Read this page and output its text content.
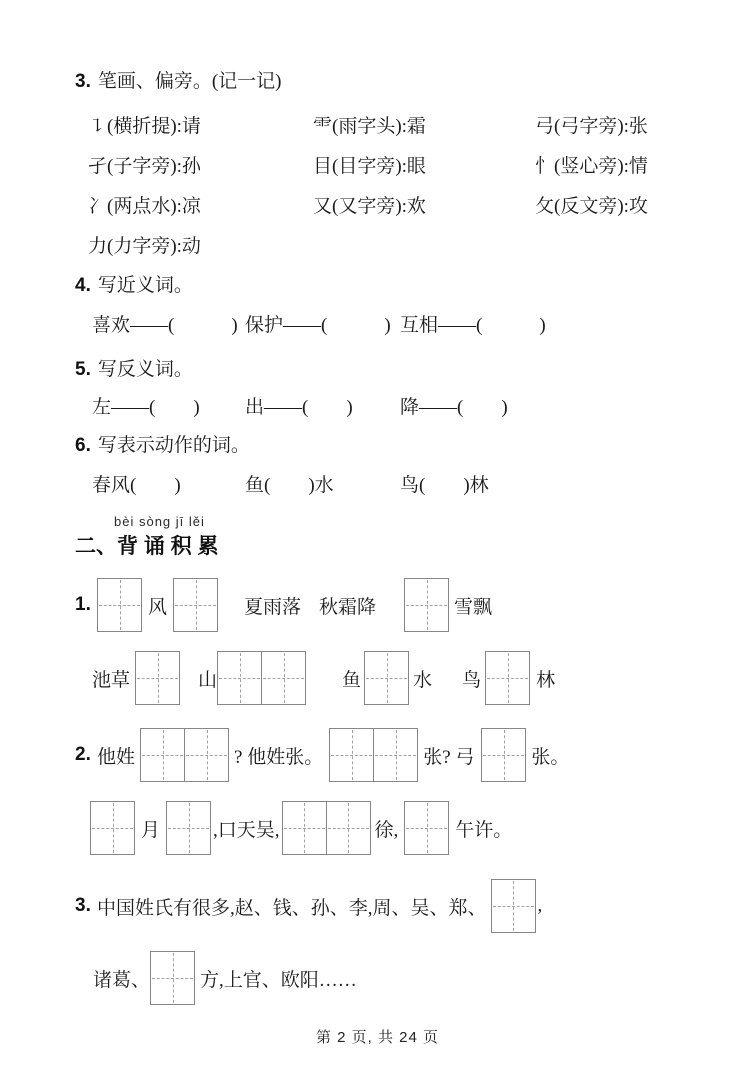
3. 笔画、偏旁。(记一记)
㇊(横折提):请	⻗(雨字头):霜	弓(弓字旁):张
孑(子字旁):孙	目(目字旁):眼	忄(竖心旁):情
冫(两点水):凉	又(又字旁):欢	攵(反文旁):攻
力(力字旁):动
4. 写近义词。
喜欢——(　　　) 保护——(　　　) 互相——(　　　)
5. 写反义词。
左——(　　)	出——(　　)	降——(　　)
6. 写表示动作的词。
春风(　　)	鱼(　　)水	鸟(　　)林
bèi sòng jī lěi
二、背 诵 积 累
1.	风	夏雨落 秋霜降	雪飘
池草	山	鱼	水 鸟	林
2. 他姓	? 他姓张。	张? 弓	张。
月	,口天吴,	徐,	午许。
3. 中国姓氏有很多,赵、钱、孙、李,周、吴、郑、	,
诸葛、	方,上官、欧阳……
第 2 页, 共 24 页
